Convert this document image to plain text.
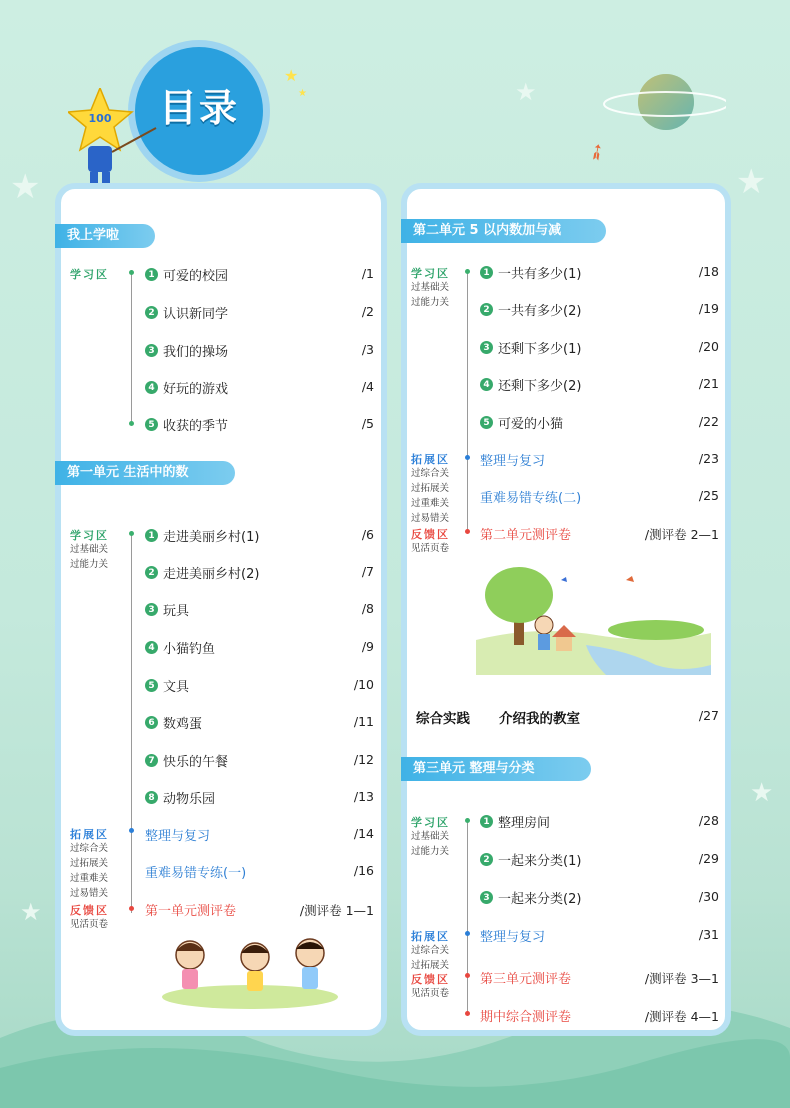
★	★
★
★
★
目录
★
★
100
➶
我上学啦
学习区	1 可爱的校园	/1
2 认识新同学	/2
3 我们的操场	/3
4 好玩的游戏	/4
5 收获的季节	/5
第一单元 生活中的数
学习区
过基础关
过能力关
1 走进美丽乡村(1)	/6
2 走进美丽乡村(2)	/7
3 玩具	/8
4 小猫钓鱼	/9
5 文具	/10
6 数鸡蛋	/11
7 快乐的午餐	/12
8 动物乐园	/13
拓展区
过综合关
过拓展关
过重难关
过易错关
整理与复习	/14
重难易错专练(一)	/16
反馈区
见活页卷
第一单元测评卷	/测评卷 1—1
第二单元 5 以内数加与减
学习区
过基础关
过能力关
1 一共有多少(1)	/18
2 一共有多少(2)	/19
3 还剩下多少(1)	/20
4 还剩下多少(2)	/21
5 可爱的小猫	/22
拓展区
过综合关
过拓展关
过重难关
过易错关
整理与复习	/23
重难易错专练(二)	/25
反馈区
见活页卷
第二单元测评卷	/测评卷 2—1
综合实践 介绍我的教室	/27
第三单元 整理与分类
学习区
过基础关
过能力关
1 整理房间	/28
2 一起来分类(1)	/29
3 一起来分类(2)	/30
拓展区
过综合关
过拓展关
整理与复习	/31
反馈区
见活页卷
第三单元测评卷	/测评卷 3—1
期中综合测评卷	/测评卷 4—1
